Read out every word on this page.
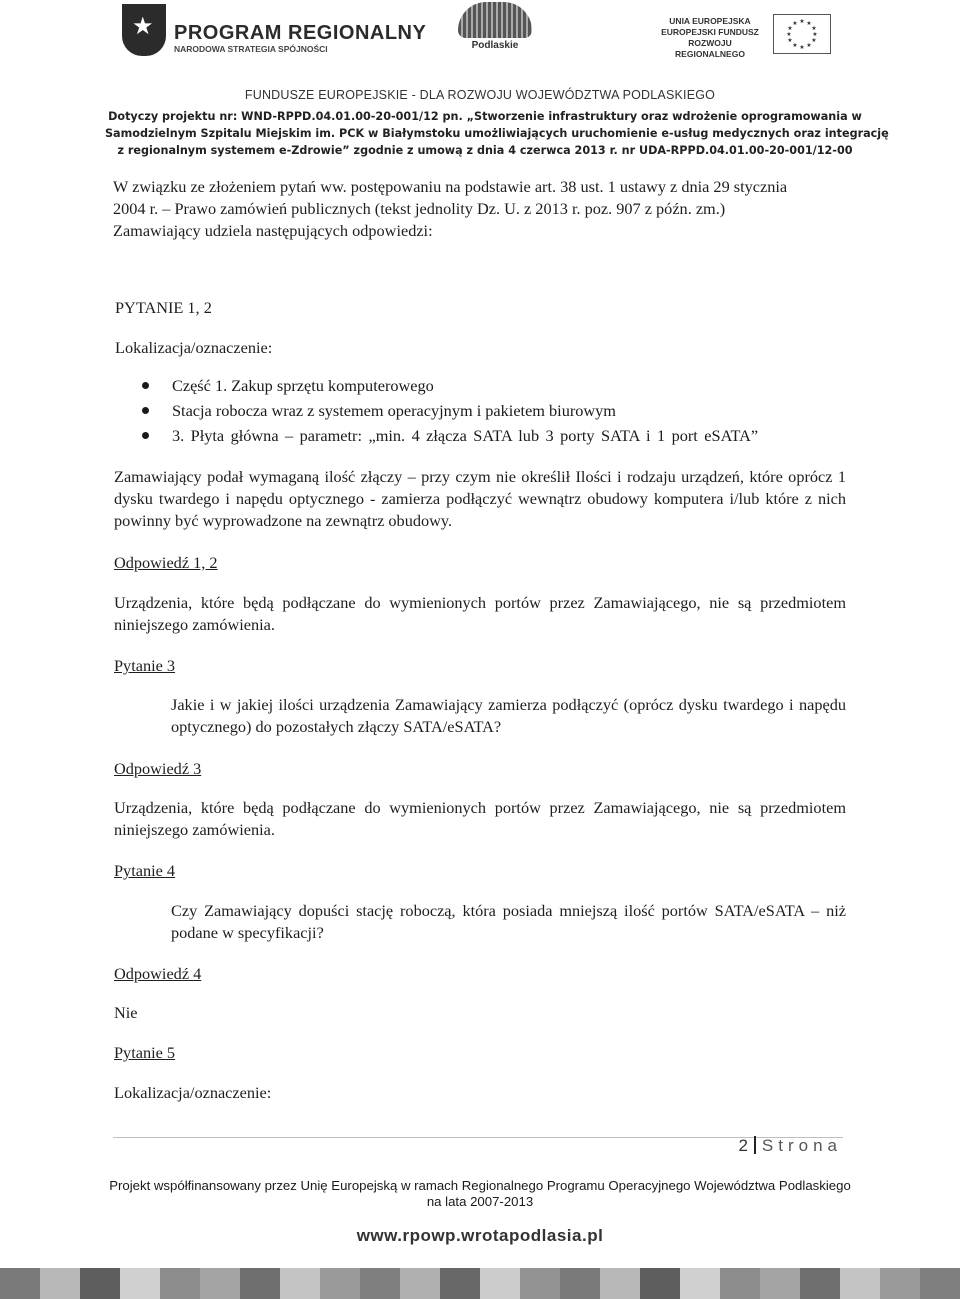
★
PROGRAM REGIONALNY
NARODOWA STRATEGIA SPÓJNOŚCI	Podlaskie
UNIA EUROPEJSKA
EUROPEJSKI FUNDUSZ
ROZWOJU REGIONALNEGO
★ ★
★
★
★
★
★
★
★
★
★
★
FUNDUSZE EUROPEJSKIE - DLA ROZWOJU WOJEWÓDZTWA PODLASKIEGO
Dotyczy projektu nr: WND-RPPD.04.01.00-20-001/12 pn. „Stworzenie infrastruktury oraz wdrożenie oprogramowania w
Samodzielnym Szpitalu Miejskim im. PCK w Białymstoku umożliwiających uruchomienie e-usług medycznych oraz integrację
z regionalnym systemem e-Zdrowie” zgodnie z umową z dnia 4 czerwca 2013 r. nr UDA-RPPD.04.01.00-20-001/12-00
W związku ze złożeniem pytań ww. postępowaniu na podstawie art. 38 ust. 1 ustawy z dnia 29 stycznia 2004 r. – Prawo zamówień publicznych (tekst jednolity Dz. U. z 2013 r. poz. 907 z późn. zm.) Zamawiający udziela następujących odpowiedzi:
PYTANIE 1, 2
Lokalizacja/oznaczenie:
Część 1. Zakup sprzętu komputerowego
Stacja robocza wraz z systemem operacyjnym i pakietem biurowym
3. Płyta główna – parametr: „min. 4 złącza SATA lub 3 porty SATA i 1 port eSATA”
Zamawiający podał wymaganą ilość złączy – przy czym nie określił Ilości i rodzaju urządzeń, które oprócz 1 dysku twardego i napędu optycznego - zamierza podłączyć wewnątrz obudowy komputera i/lub które z nich powinny być wyprowadzone na zewnątrz obudowy.
Odpowiedź 1, 2
Urządzenia, które będą podłączane do wymienionych portów przez Zamawiającego, nie są przedmiotem niniejszego zamówienia.
Pytanie 3
Jakie i w jakiej ilości urządzenia Zamawiający zamierza podłączyć (oprócz dysku twardego i napędu optycznego) do pozostałych złączy SATA/eSATA?
Odpowiedź 3
Urządzenia, które będą podłączane do wymienionych portów przez Zamawiającego, nie są przedmiotem niniejszego zamówienia.
Pytanie 4
Czy Zamawiający dopuści stację roboczą, która posiada mniejszą ilość portów SATA/eSATA – niż podane w specyfikacji?
Odpowiedź 4
Nie
Pytanie 5
Lokalizacja/oznaczenie:
2 Strona
Projekt współfinansowany przez Unię Europejską w ramach Regionalnego Programu Operacyjnego Województwa Podlaskiego
na lata 2007-2013
www.rpowp.wrotapodlasia.pl
